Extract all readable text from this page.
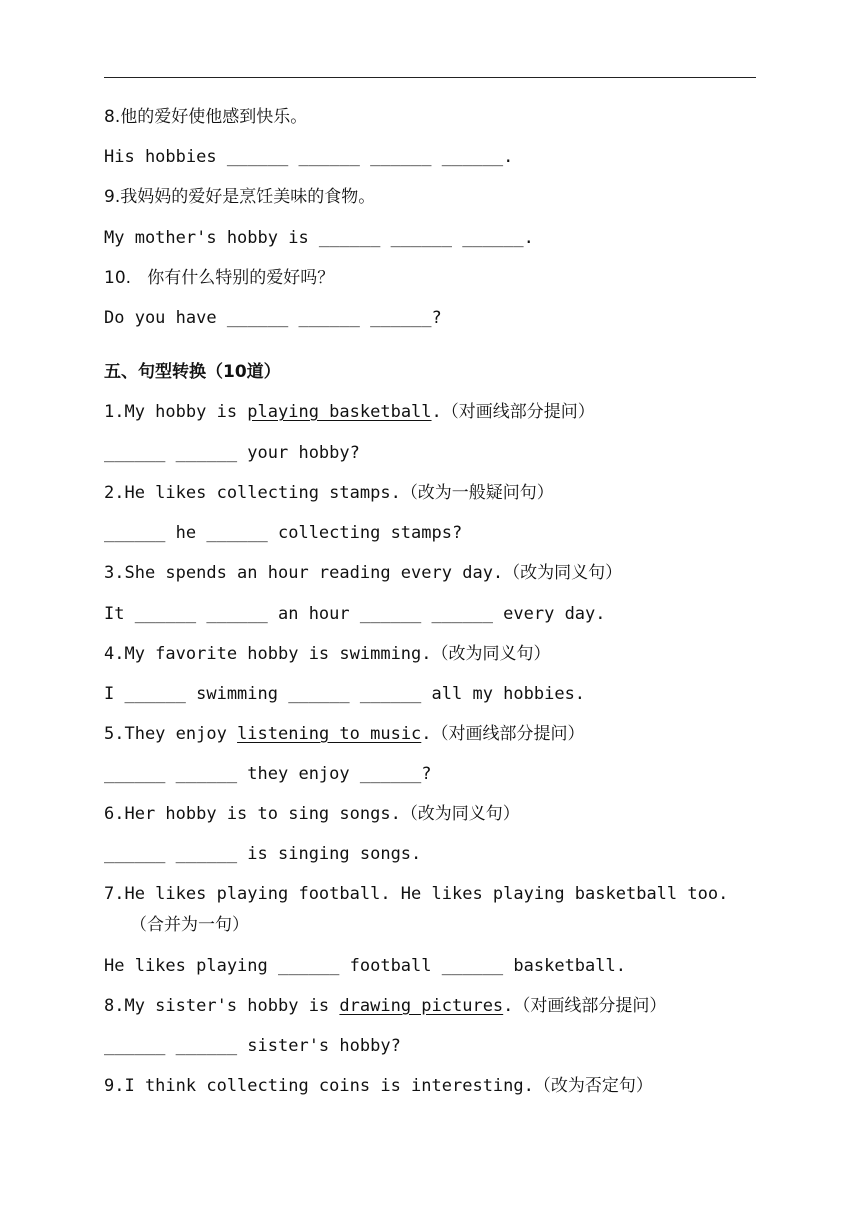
8.他的爱好使他感到快乐。
His hobbies ______ ______ ______ ______.
9.我妈妈的爱好是烹饪美味的食物。
My mother's hobby is ______ ______ ______.
10.   你有什么特别的爱好吗？
Do you have ______ ______ ______?
五、句型转换（10道）
1.My hobby is playing basketball.（对画线部分提问）
______ ______ your hobby?
2.He likes collecting stamps.（改为一般疑问句）
______ he ______ collecting stamps?
3.She spends an hour reading every day.（改为同义句）
It ______ ______ an hour ______ ______ every day.
4.My favorite hobby is swimming.（改为同义句）
I ______ swimming ______ ______ all my hobbies.
5.They enjoy listening to music.（对画线部分提问）
______ ______ they enjoy ______?
6.Her hobby is to sing songs.（改为同义句）
______ ______ is singing songs.
7.He likes playing football. He likes playing basketball too.
（合并为一句）
He likes playing ______ football ______ basketball.
8.My sister's hobby is drawing pictures.（对画线部分提问）
______ ______ sister's hobby?
9.I think collecting coins is interesting.（改为否定句）
